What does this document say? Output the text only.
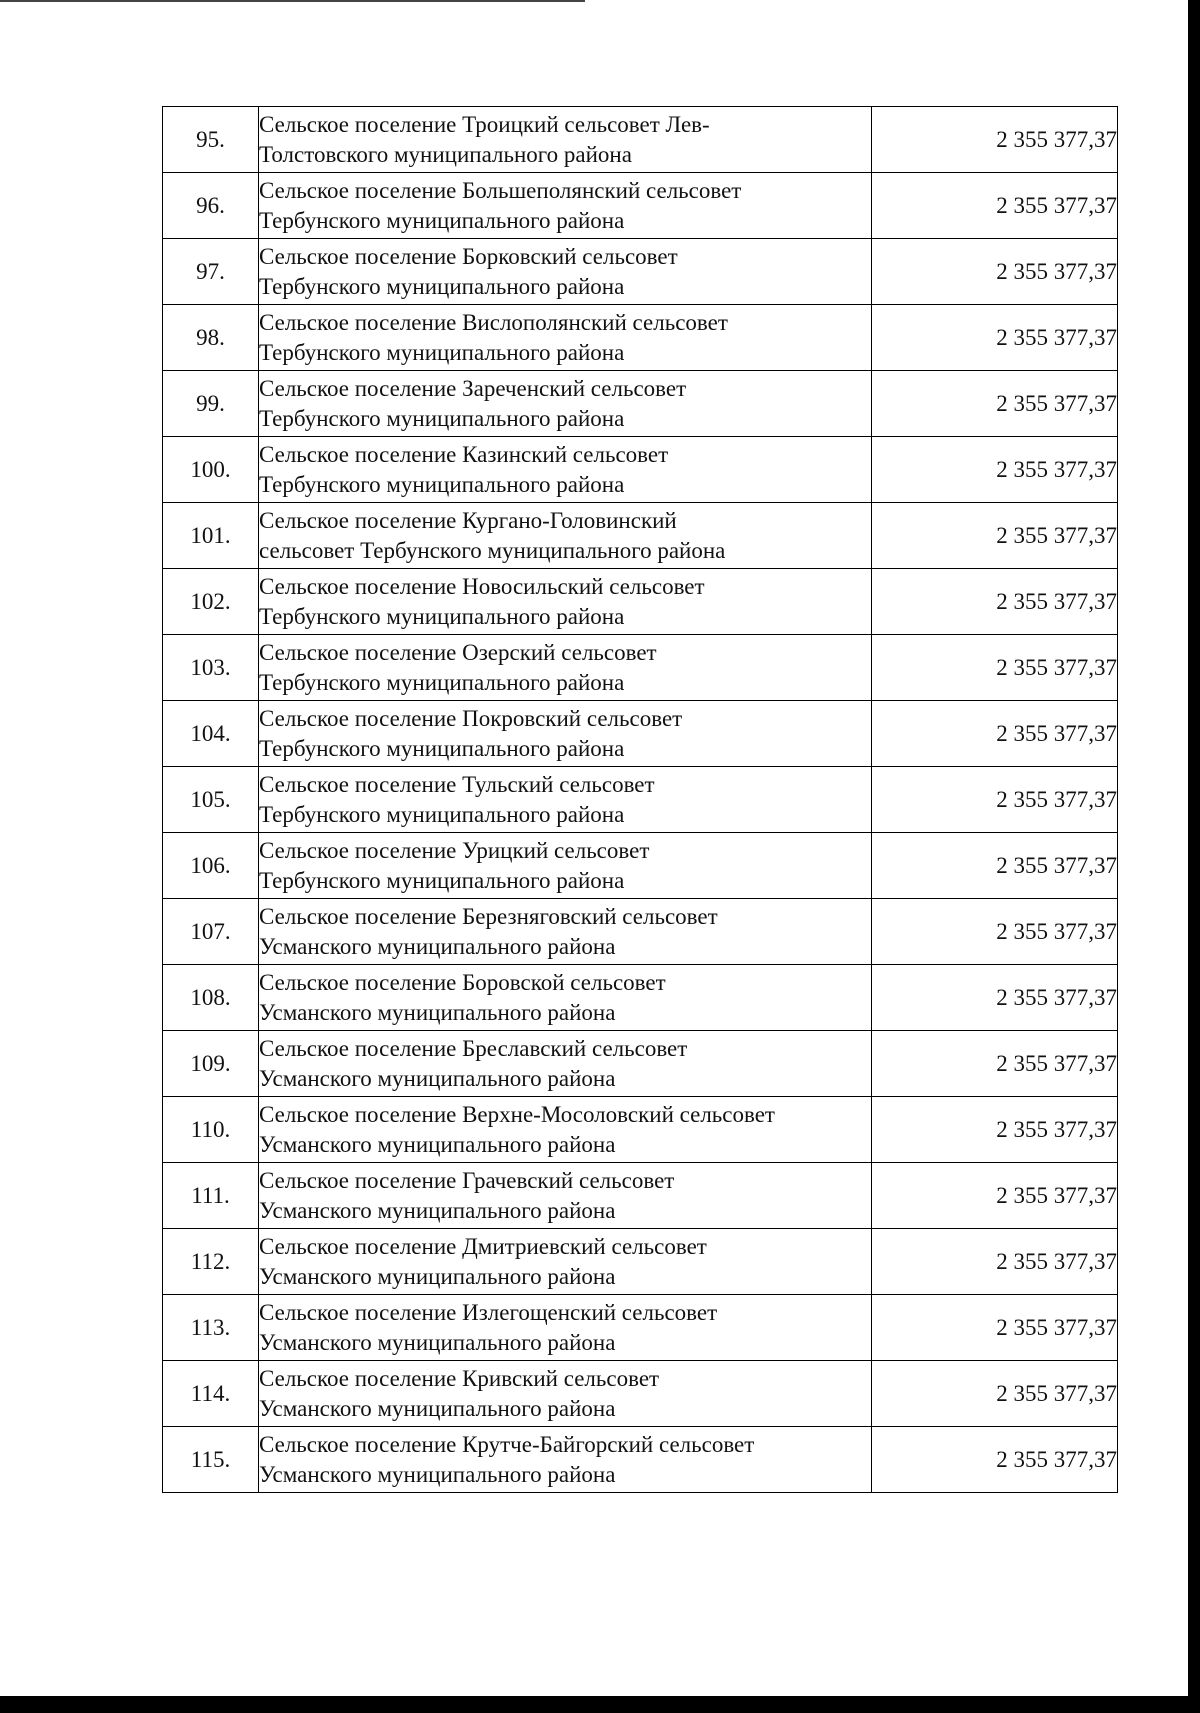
95.	Сельское поселение Троицкий сельсовет Лев-
Толстовского муниципального района	2 355 377,37
96.	Сельское поселение Большеполянский сельсовет
Тербунского муниципального района	2 355 377,37
97.	Сельское поселение Борковский сельсовет
Тербунского муниципального района	2 355 377,37
98.	Сельское поселение Вислополянский сельсовет
Тербунского муниципального района	2 355 377,37
99.	Сельское поселение Зареченский сельсовет
Тербунского муниципального района	2 355 377,37
100.	Сельское поселение Казинский сельсовет
Тербунского муниципального района	2 355 377,37
101.	Сельское поселение Кургано-Головинский
сельсовет Тербунского муниципального района	2 355 377,37
102.	Сельское поселение Новосильский сельсовет
Тербунского муниципального района	2 355 377,37
103.	Сельское поселение Озерский сельсовет
Тербунского муниципального района	2 355 377,37
104.	Сельское поселение Покровский сельсовет
Тербунского муниципального района	2 355 377,37
105.	Сельское поселение Тульский сельсовет
Тербунского муниципального района	2 355 377,37
106.	Сельское поселение Урицкий сельсовет
Тербунского муниципального района	2 355 377,37
107.	Сельское поселение Березняговский сельсовет
Усманского муниципального района	2 355 377,37
108.	Сельское поселение Боровской сельсовет
Усманского муниципального района	2 355 377,37
109.	Сельское поселение Бреславский сельсовет
Усманского муниципального района	2 355 377,37
110.	Сельское поселение Верхне-Мосоловский сельсовет
Усманского муниципального района	2 355 377,37
111.	Сельское поселение Грачевский сельсовет
Усманского муниципального района	2 355 377,37
112.	Сельское поселение Дмитриевский сельсовет
Усманского муниципального района	2 355 377,37
113.	Сельское поселение Излегощенский сельсовет
Усманского муниципального района	2 355 377,37
114.	Сельское поселение Кривский сельсовет
Усманского муниципального района	2 355 377,37
115.	Сельское поселение Крутче-Байгорский сельсовет
Усманского муниципального района	2 355 377,37
